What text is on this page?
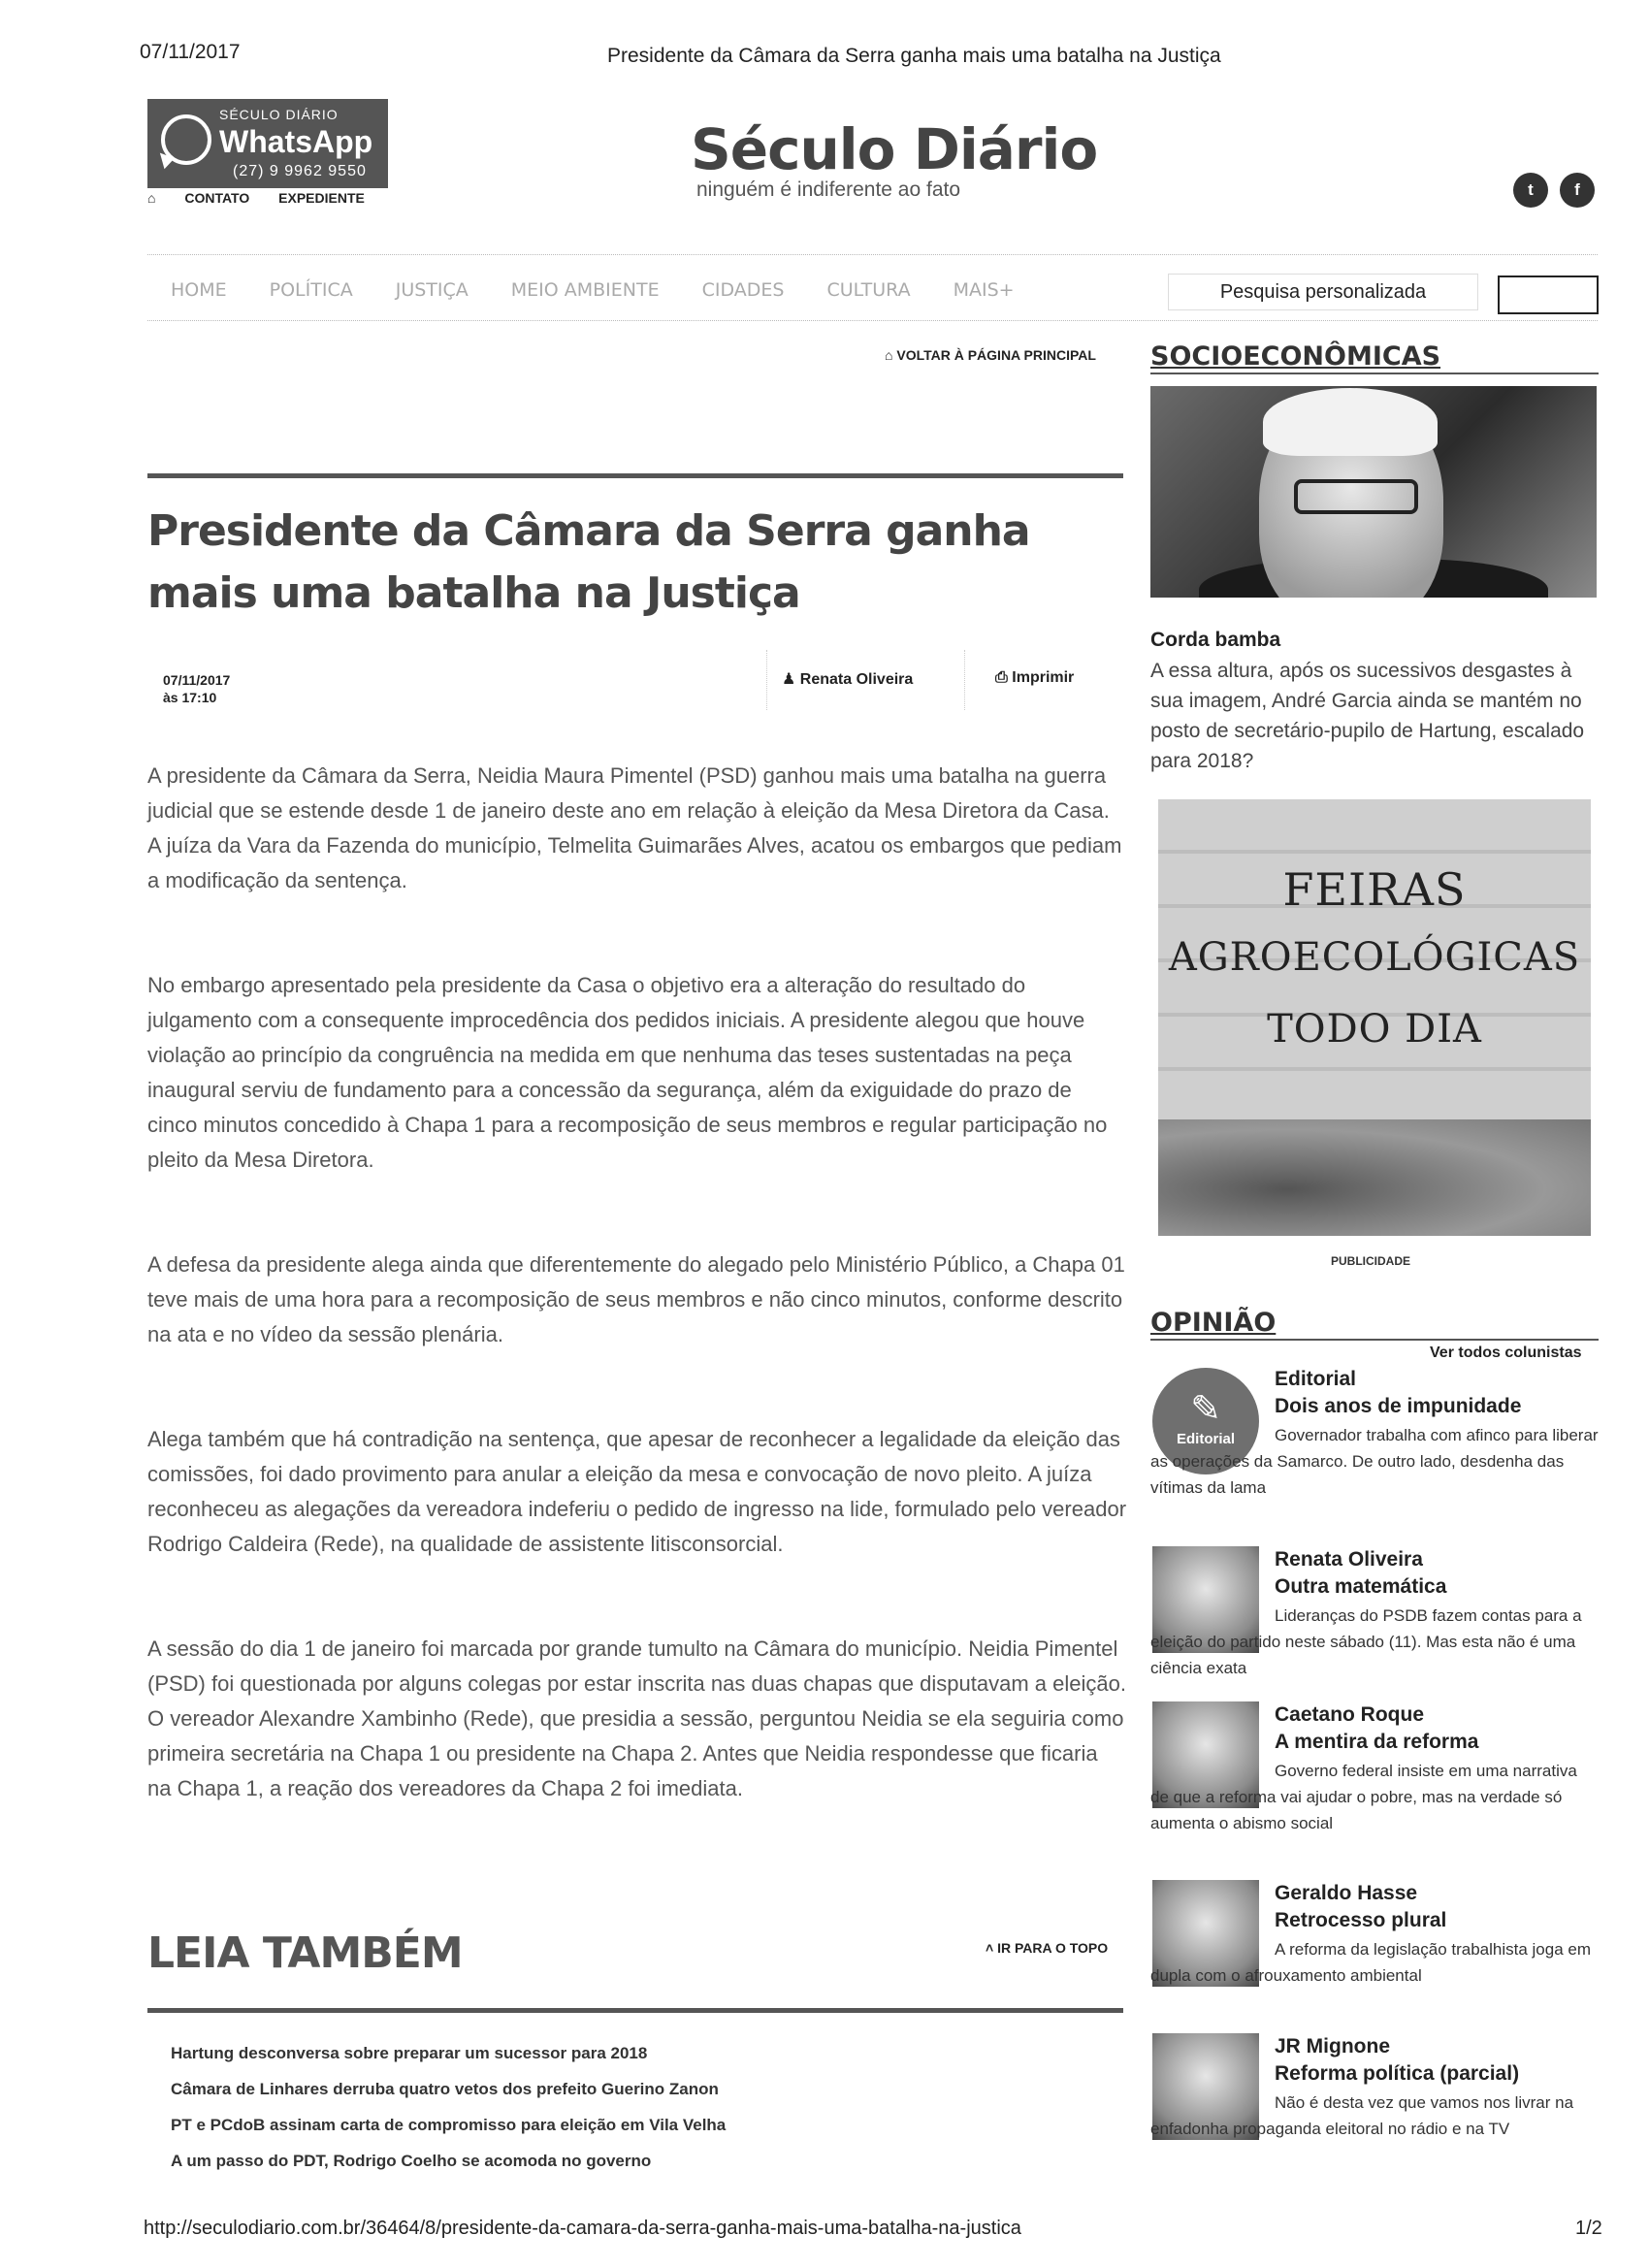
07/11/2017	Presidente da Câmara da Serra ganha mais uma batalha na Justiça
SÉCULO DIÁRIO
WhatsApp
(27) 9 9962 9550
⌂ CONTATO EXPEDIENTE
Século Diário
ninguém é indiferente ao fato	t	f
HOME POLÍTICA JUSTIÇA MEIO AMBIENTE CIDADES CULTURA MAIS+	Pesquisa personalizada
⌂ VOLTAR À PÁGINA PRINCIPAL
Presidente da Câmara da Serra ganha mais uma batalha na Justiça
07/11/2017
às 17:10
♟ Renata Oliveira	⎙ Imprimir

A presidente da Câmara da Serra, Neidia Maura Pimentel (PSD) ganhou mais uma batalha na guerra judicial que se estende desde 1 de janeiro deste ano em relação à eleição da Mesa Diretora da Casa. A juíza da Vara da Fazenda do município, Telmelita Guimarães Alves, acatou os embargos que pediam a modificação da sentença.

No embargo apresentado pela presidente da Casa o objetivo era a alteração do resultado do julgamento com a consequente improcedência dos pedidos iniciais. A presidente alegou que houve violação ao princípio da congruência na medida em que nenhuma das teses sustentadas na peça inaugural serviu de fundamento para a concessão da segurança, além da exiguidade do prazo de cinco minutos concedido à Chapa 1 para a recomposição de seus membros e regular participação no pleito da Mesa Diretora.

A defesa da presidente alega ainda que diferentemente do alegado pelo Ministério Público, a Chapa 01 teve mais de uma hora para a recomposição de seus membros e não cinco minutos, conforme descrito na ata e no vídeo da sessão plenária.

Alega também que há contradição na sentença, que apesar de reconhecer a legalidade da eleição das comissões, foi dado provimento para anular a eleição da mesa e convocação de novo pleito. A juíza reconheceu as alegações da vereadora indeferiu o pedido de ingresso na lide, formulado pelo vereador Rodrigo Caldeira (Rede), na qualidade de assistente litisconsorcial.

A sessão do dia 1 de janeiro foi marcada por grande tumulto na Câmara do município. Neidia Pimentel (PSD) foi questionada por alguns colegas por estar inscrita nas duas chapas que disputavam a eleição. O vereador Alexandre Xambinho (Rede), que presidia a sessão, perguntou Neidia se ela seguiria como primeira secretária na Chapa 1 ou presidente na Chapa 2. Antes que Neidia respondesse que ficaria na Chapa 1, a reação dos vereadores da Chapa 2 foi imediata.

LEIA TAMBÉM	˄ IR PARA O TOPO
Hartung desconversa sobre preparar um sucessor para 2018
Câmara de Linhares derruba quatro vetos dos prefeito Guerino Zanon
PT e PCdoB assinam carta de compromisso para eleição em Vila Velha
A um passo do PDT, Rodrigo Coelho se acomoda no governo
SOCIOECONÔMICAS
Corda bamba
A essa altura, após os sucessivos desgastes à sua imagem, André Garcia ainda se mantém no posto de secretário-pupilo de Hartung, escalado para 2018?
FEIRAS
AGROECOLÓGICAS
TODO DIA
PUBLICIDADE
OPINIÃO
Ver todos colunistas
✎
Editorial
Editorial
Dois anos de impunidade
Governador trabalha com afinco para liberar as operações da Samarco. De outro lado, desdenha das vítimas da lama
Renata Oliveira
Outra matemática
Lideranças do PSDB fazem contas para a eleição do partido neste sábado (11). Mas esta não é uma ciência exata
Caetano Roque
A mentira da reforma
Governo federal insiste em uma narrativa de que a reforma vai ajudar o pobre, mas na verdade só aumenta o abismo social
Geraldo Hasse
Retrocesso plural
A reforma da legislação trabalhista joga em dupla com o afrouxamento ambiental
JR Mignone
Reforma política (parcial)
Não é desta vez que vamos nos livrar na enfadonha propaganda eleitoral no rádio e na TV
http://seculodiario.com.br/36464/8/presidente-da-camara-da-serra-ganha-mais-uma-batalha-na-justica	1/2
